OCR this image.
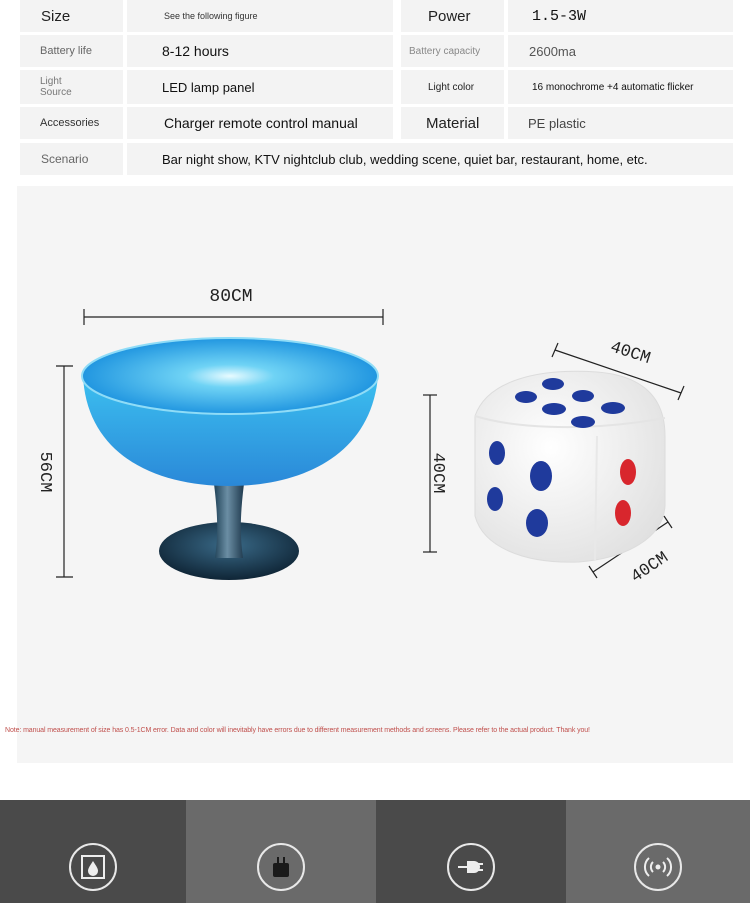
Size	See the following figure	Power	1.5-3W
Battery life	8-12 hours	Battery capacity	2600ma
Light Source	LED lamp panel	Light color	16 monochrome +4 automatic flicker
Accessories	Charger remote control manual	Material	PE plastic
Scenario	Bar night show, KTV nightclub club, wedding scene, quiet bar, restaurant, home, etc.
80CM
56CM	40CM
40CM
40CM
Note: manual measurement of size has 0.5-1CM error. Data and color will inevitably have errors due to different measurement methods and screens. Please refer to the actual product. Thank you!
